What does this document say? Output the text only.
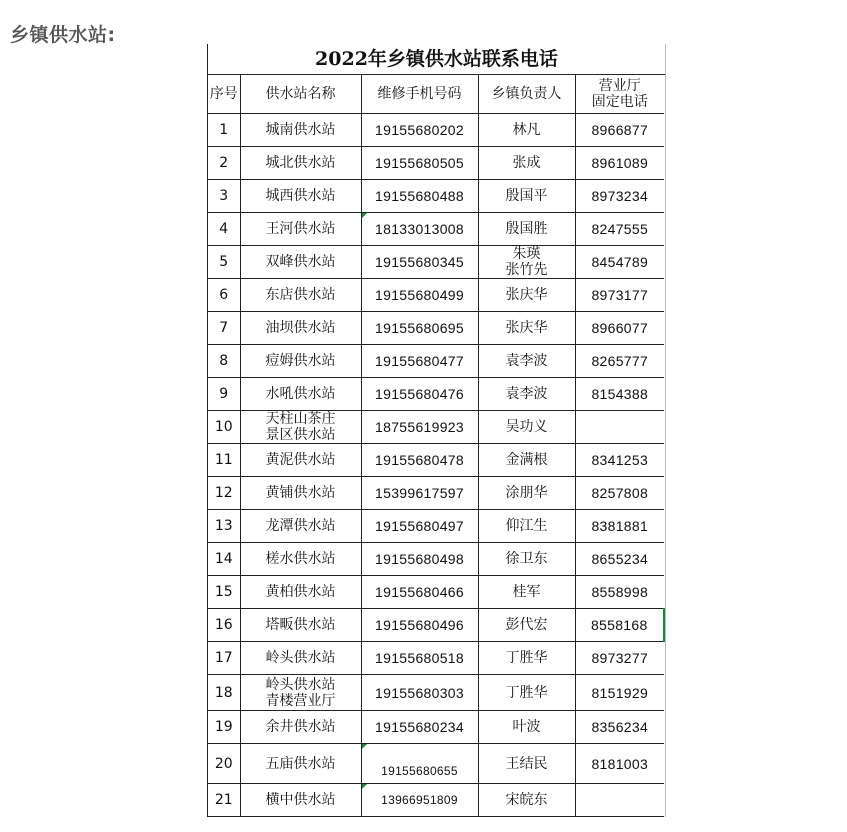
乡镇供水站:
2022年乡镇供水站联系电话
序号	供水站名称	维修手机号码	乡镇负责人	营业厅
固定电话

1	城南供水站	19155680202	林凡	8966877
2	城北供水站	19155680505	张成	8961089
3	城西供水站	19155680488	殷国平	8973234
4	王河供水站	18133013008	殷国胜	8247555
5	双峰供水站	19155680345	朱瑛
张竹先	8454789
6	东店供水站	19155680499	张庆华	8973177
7	油坝供水站	19155680695	张庆华	8966077
8	痘姆供水站	19155680477	袁李波	8265777
9	水吼供水站	19155680476	袁李波	8154388
10	天柱山茶庄
景区供水站	18755619923	吴功义	

11	黄泥供水站	19155680478	金满根	8341253
12	黄铺供水站	15399617597	涂朋华	8257808
13	龙潭供水站	19155680497	仰江生	8381881
14	槎水供水站	19155680498	徐卫东	8655234
15	黄柏供水站	19155680466	桂军	8558998
16	塔畈供水站	19155680496	彭代宏	8558168
17	岭头供水站	19155680518	丁胜华	8973277
18	岭头供水站
青楼营业厅	19155680303	丁胜华	8151929
19	余井供水站	19155680234	叶波	8356234
20	五庙供水站	19155680655	王结民	8181003
21	横中供水站	13966951809	宋皖东	
